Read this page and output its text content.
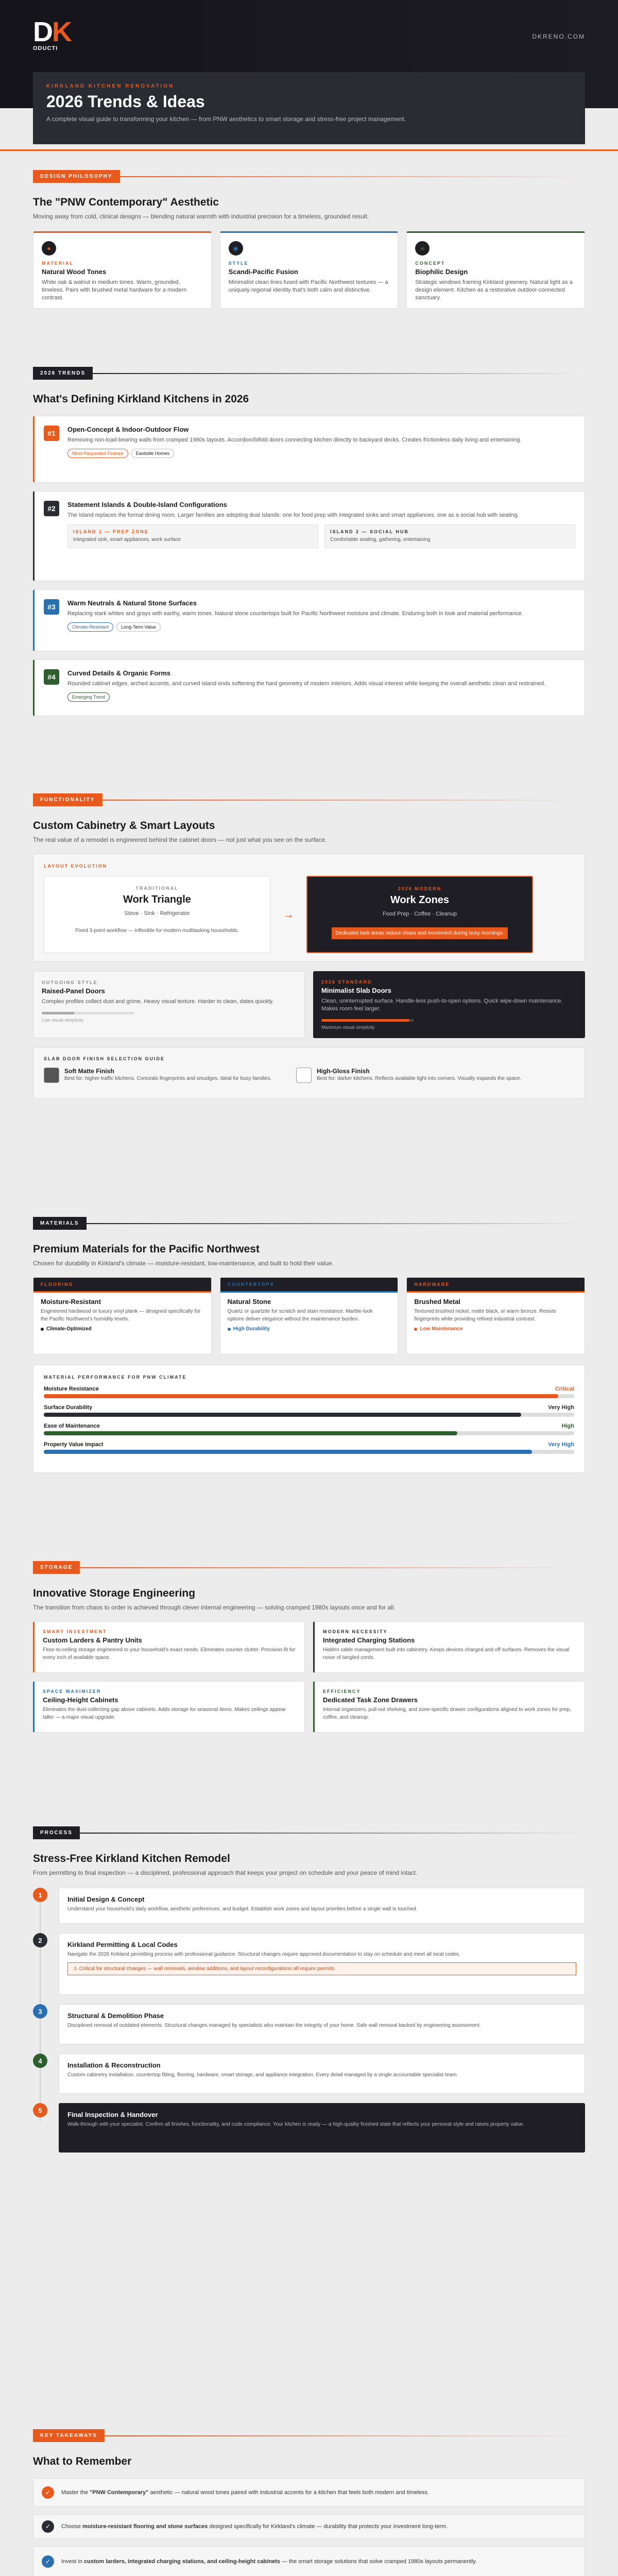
DK
ODUCTI
DKRENO.COM
KIRKLAND KITCHEN RENOVATION
2026 Trends & Ideas

A complete visual guide to transforming your kitchen — from PNW aesthetics to smart storage and stress-free project management.

DESIGN PHILOSOPHY
The "PNW Contemporary" Aesthetic
Moving away from cold, clinical designs — blending natural warmth with industrial precision for a timeless, grounded result.
●
MATERIAL
Natural Wood Tones
White oak & walnut in medium tones. Warm, grounded, timeless. Pairs with brushed metal hardware for a modern contrast.
◉
STYLE
Scandi-Pacific Fusion
Minimalist clean lines fused with Pacific Northwest textures — a uniquely regional identity that's both calm and distinctive.
◈
CONCEPT
Biophilic Design
Strategic windows framing Kirkland greenery. Natural light as a design element. Kitchen as a restorative outdoor-connected sanctuary.
2026 TRENDS
What's Defining Kirkland Kitchens in 2026
#1	Open-Concept & Indoor-Outdoor Flow
Removing non-load-bearing walls from cramped 1980s layouts. Accordion/bifold doors connecting kitchen directly to backyard decks. Creates frictionless daily living and entertaining.
Most-Requested Feature	Eastside Homes
#2	Statement Islands & Double-Island Configurations
The island replaces the formal dining room. Larger families are adopting dual islands: one for food prep with integrated sinks and smart appliances, one as a social hub with seating.
ISLAND 1 — PREP ZONE
Integrated sink, smart appliances, work surface
ISLAND 2 — SOCIAL HUB
Comfortable seating, gathering, entertaining
#3	Warm Neutrals & Natural Stone Surfaces
Replacing stark whites and grays with earthy, warm tones. Natural stone countertops built for Pacific Northwest moisture and climate. Enduring both in look and material performance.
Climate-Resistant	Long-Term Value
#4	Curved Details & Organic Forms
Rounded cabinet edges, arched accents, and curved island ends softening the hard geometry of modern interiors. Adds visual interest while keeping the overall aesthetic clean and restrained.
Emerging Trend
FUNCTIONALITY
Custom Cabinetry & Smart Layouts
The real value of a remodel is engineered behind the cabinet doors — not just what you see on the surface.
LAYOUT EVOLUTION
TRADITIONAL
Work Triangle
Stove · Sink · Refrigerator
Fixed 3-point workflow — inflexible for modern multitasking households.
→
2026 MODERN
Work Zones
Food Prep · Coffee · Cleanup
Dedicated task areas reduce chaos and movement during busy mornings.
OUTGOING STYLE
Raised-Panel Doors
Complex profiles collect dust and grime. Heavy visual texture. Harder to clean, dates quickly.
Low visual simplicity
2026 STANDARD
Minimalist Slab Doors
Clean, uninterrupted surface. Handle-less push-to-open options. Quick wipe-down maintenance. Makes room feel larger.
Maximum visual simplicity
SLAB DOOR FINISH SELECTION GUIDE
Soft Matte Finish
Best for: higher-traffic kitchens. Conceals fingerprints and smudges. Ideal for busy families.
High-Gloss Finish
Best for: darker kitchens. Reflects available light into corners. Visually expands the space.
MATERIALS
Premium Materials for the Pacific Northwest
Chosen for durability in Kirkland's climate — moisture-resistant, low-maintenance, and built to hold their value.
FLOORING
Moisture-Resistant
Engineered hardwood or luxury vinyl plank — designed specifically for the Pacific Northwest's humidity levels.
Climate-Optimized
COUNTERTOPS
Natural Stone
Quartz or quartzite for scratch and stain resistance. Marble-look options deliver elegance without the maintenance burden.
High Durability
HARDWARE
Brushed Metal
Textured brushed nickel, matte black, or warm bronze. Resists fingerprints while providing refined industrial contrast.
Low Maintenance
MATERIAL PERFORMANCE FOR PNW CLIMATE
Moisture Resistance	Critical
Surface Durability	Very High
Ease of Maintenance	High
Property Value Impact	Very High
STORAGE
Innovative Storage Engineering
The transition from chaos to order is achieved through clever internal engineering — solving cramped 1980s layouts once and for all.
SMART INVESTMENT
Custom Larders & Pantry Units
Floor-to-ceiling storage engineered to your household's exact needs. Eliminates counter clutter. Precision-fit for every inch of available space.
MODERN NECESSITY
Integrated Charging Stations
Hidden cable management built into cabinetry. Keeps devices charged and off surfaces. Removes the visual noise of tangled cords.
SPACE MAXIMIZER
Ceiling-Height Cabinets
Eliminates the dust-collecting gap above cabinets. Adds storage for seasonal items. Makes ceilings appear taller — a major visual upgrade.
EFFICIENCY
Dedicated Task Zone Drawers
Internal organizers, pull-out shelving, and zone-specific drawer configurations aligned to work zones for prep, coffee, and cleanup.
PROCESS
Stress-Free Kirkland Kitchen Remodel
From permitting to final inspection — a disciplined, professional approach that keeps your project on schedule and your peace of mind intact.
1
Initial Design & Concept
Understand your household's daily workflow, aesthetic preferences, and budget. Establish work zones and layout priorities before a single wall is touched.
2
Kirkland Permitting & Local Codes
Navigate the 2026 Kirkland permitting process with professional guidance. Structural changes require approved documentation to stay on schedule and meet all local codes.
⚠ Critical for structural changes — wall removals, window additions, and layout reconfigurations all require permits.
3
Structural & Demolition Phase
Disciplined removal of outdated elements. Structural changes managed by specialists who maintain the integrity of your home. Safe wall removal backed by engineering assessment.
4
Installation & Reconstruction
Custom cabinetry installation, countertop fitting, flooring, hardware, smart storage, and appliance integration. Every detail managed by a single accountable specialist team.
5
Final Inspection & Handover
Walk-through with your specialist. Confirm all finishes, functionality, and code compliance. Your kitchen is ready — a high-quality finished state that reflects your personal style and raises property value.
KEY TAKEAWAYS
What to Remember
✓	Master the "PNW Contemporary" aesthetic — natural wood tones paired with industrial accents for a kitchen that feels both modern and timeless.
✓	Choose moisture-resistant flooring and stone surfaces designed specifically for Kirkland's climate — durability that protects your investment long-term.
✓	Invest in custom larders, integrated charging stations, and ceiling-height cabinets — the smart storage solutions that solve cramped 1980s layouts permanently.
